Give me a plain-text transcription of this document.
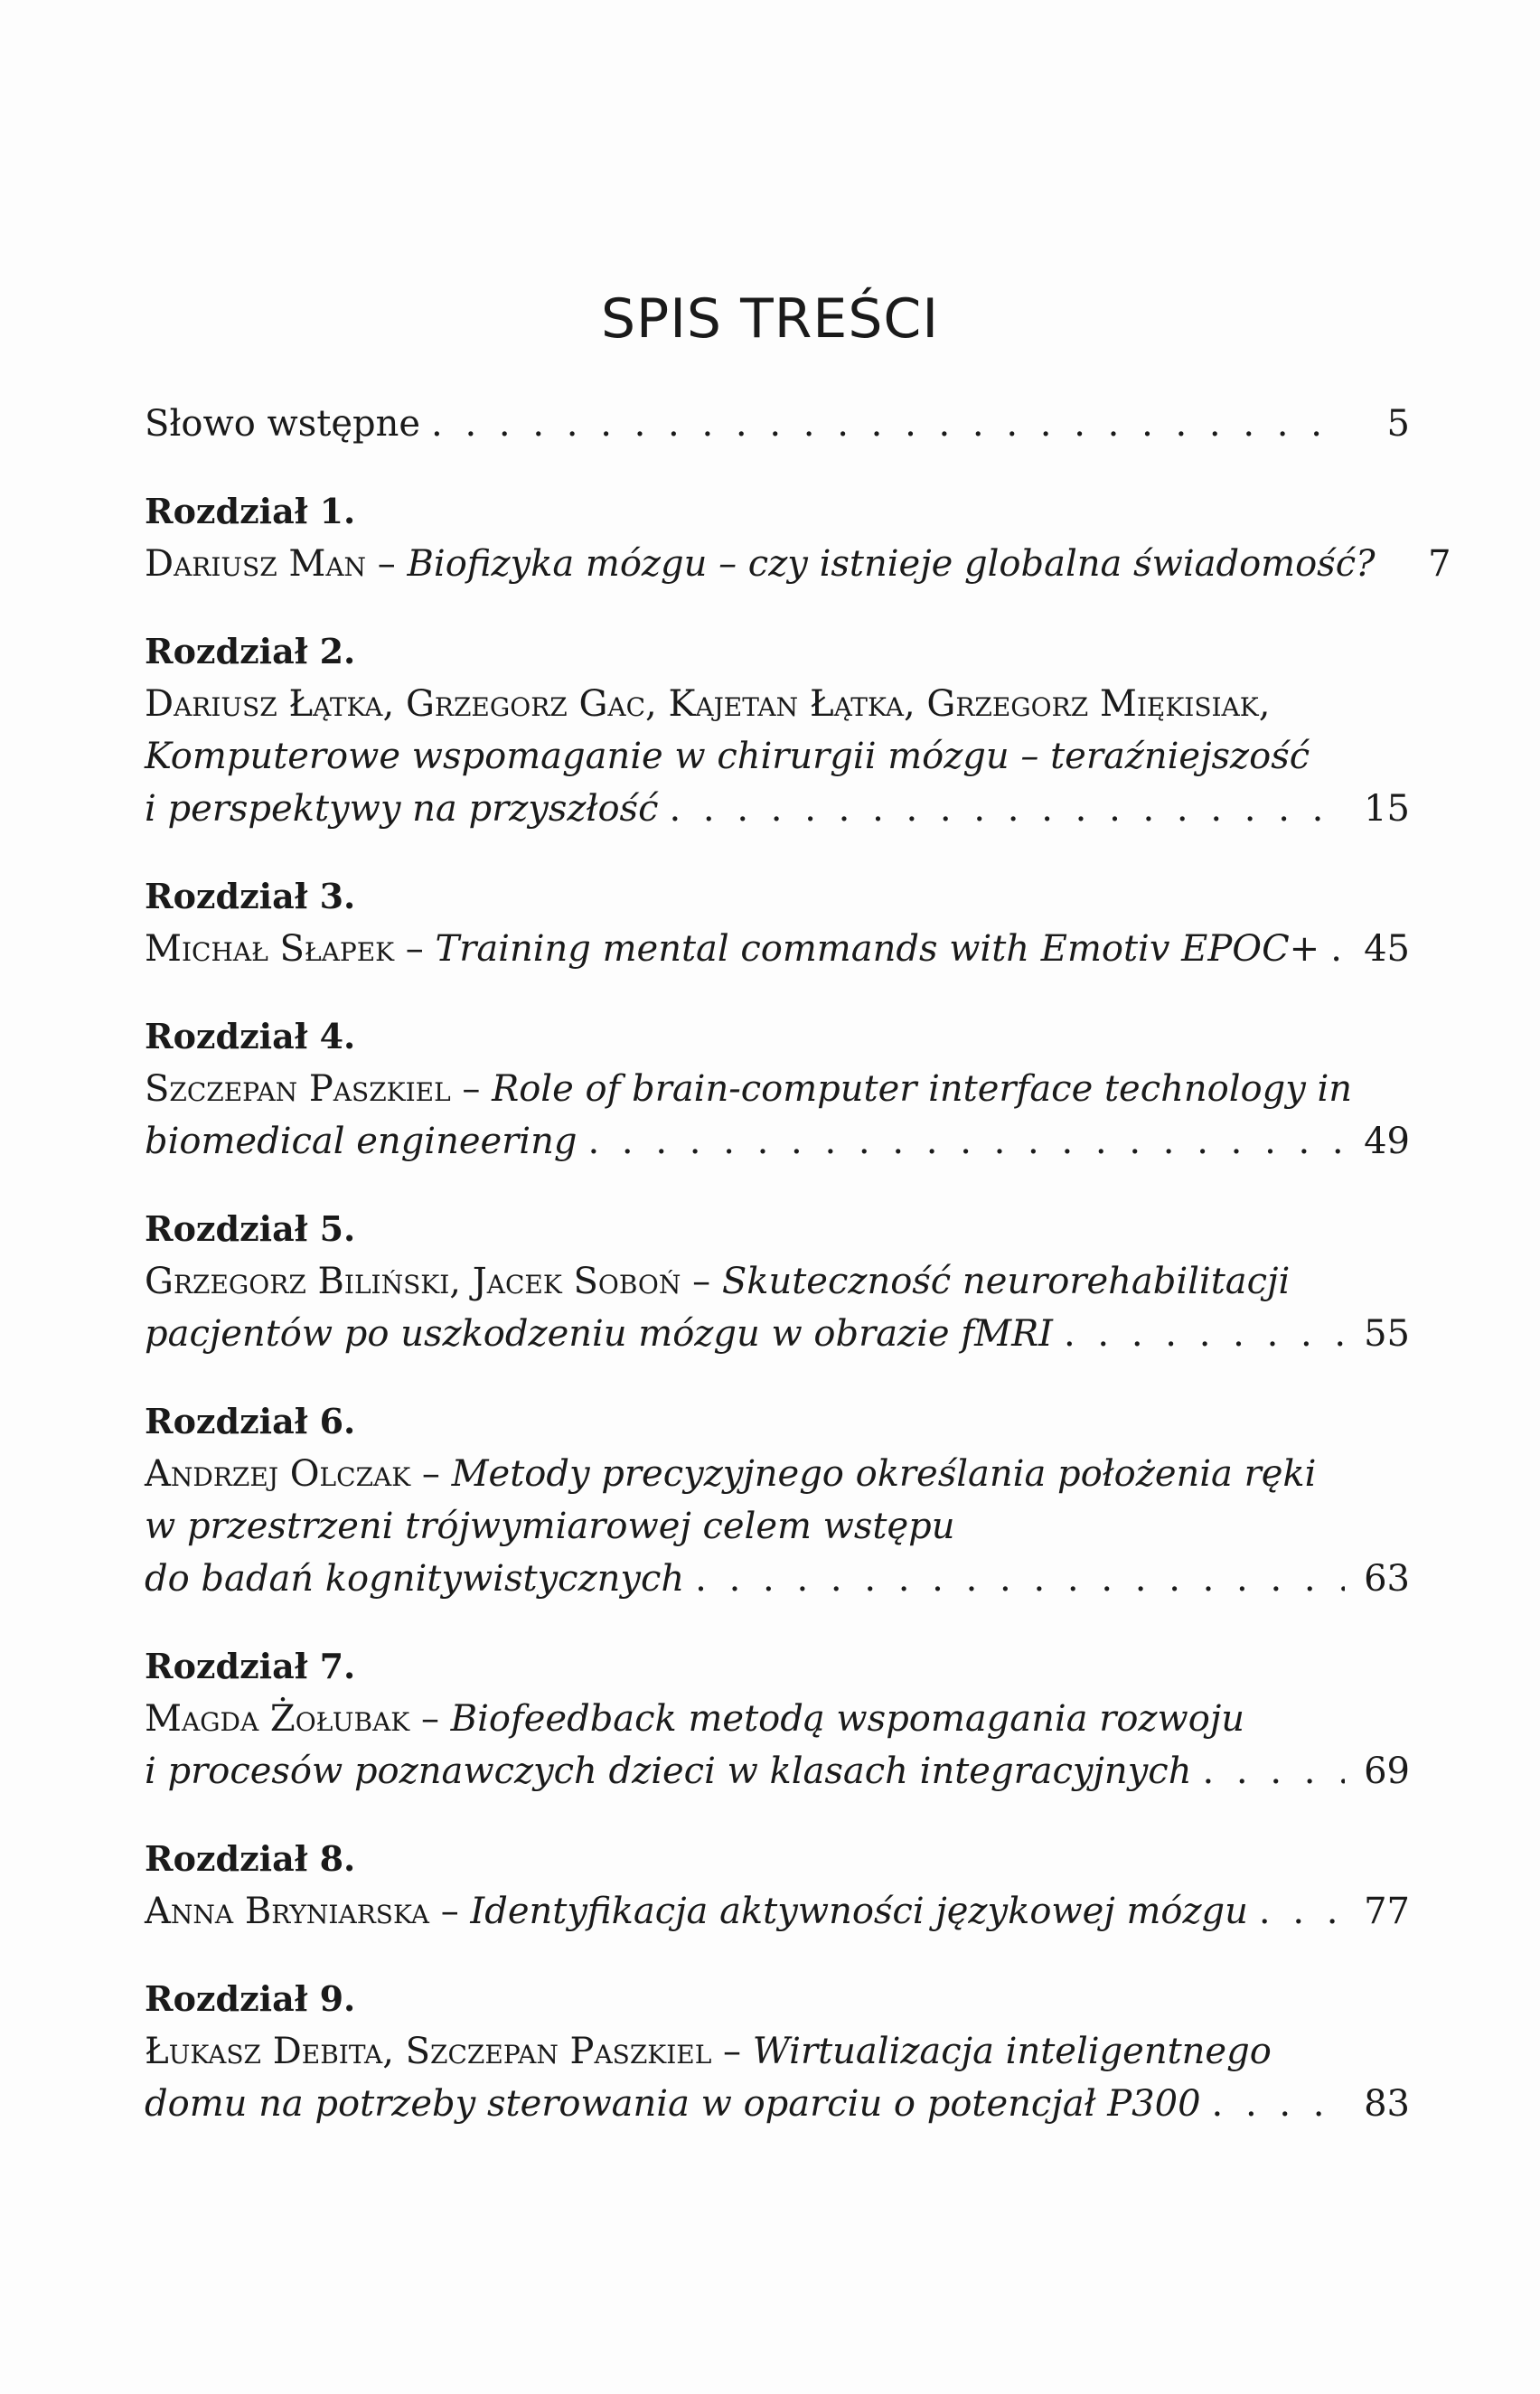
SPIS TREŚCI
Słowo wstępne . . .	5
Rozdział 1.
Dariusz Man – Biofizyka mózgu – czy istnieje globalna świadomość?	7
Rozdział 2.
Dariusz Łątka, Grzegorz Gac, Kajetan Łątka, Grzegorz Miękisiak,
Komputerowe wspomaganie w chirurgii mózgu – teraźniejszość
i perspektywy na przyszłość . . .	15
Rozdział 3.
Michał Słapek – Training mental commands with Emotiv EPOC+ . . . 45
Rozdział 4.
Szczepan Paszkiel – Role of brain-computer interface technology in
biomedical engineering . . .	49
Rozdział 5.
Grzegorz Biliński, Jacek Soboń – Skuteczność neurorehabilitacji
pacjentów po uszkodzeniu mózgu w obrazie fMRI . . .	55
Rozdział 6.
Andrzej Olczak – Metody precyzyjnego określania położenia ręki
w przestrzeni trójwymiarowej celem wstępu
do badań kognitywistycznych . . .	63
Rozdział 7.
Magda Żołubak – Biofeedback metodą wspomagania rozwoju
i procesów poznawczych dzieci w klasach integracyjnych . . .	69
Rozdział 8.
Anna Bryniarska – Identyfikacja aktywności językowej mózgu . . .	77
Rozdział 9.
Łukasz Debita, Szczepan Paszkiel – Wirtualizacja inteligentnego
domu na potrzeby sterowania w oparciu o potencjał P300 . . .	83
